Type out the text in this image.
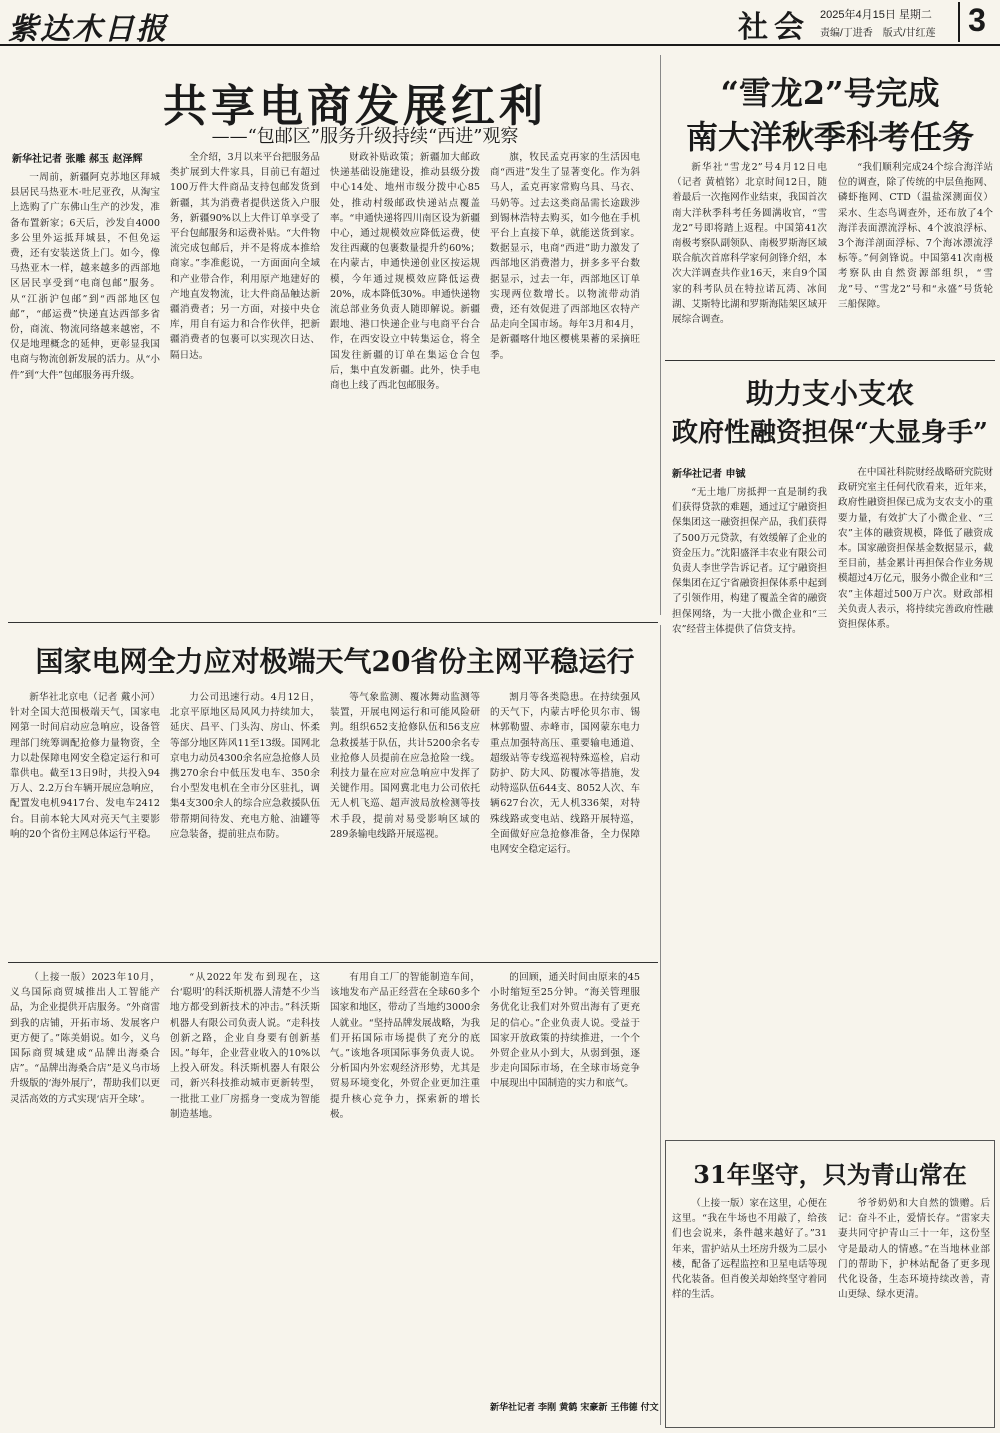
紫达木日报	社会 2025年4月15日 星期二
责编/丁进香　版式/甘红莲	3
共享电商发展红利
——“包邮区”服务升级持续“西进”观察
新华社记者 张雕 郝玉 赵泽辉
一周前，新疆阿克苏地区拜城县居民马热亚木·吐尼亚孜，从淘宝上选购了广东佛山生产的沙发，准备布置新家；6天后，沙发自4000多公里外运抵拜城县，不但免运费，还有安装送货上门。如今，像马热亚木一样，越来越多的西部地区居民享受到“电商包邮”服务。从“江浙沪包邮”到“西部地区包邮”，“邮运费”快递直达西部多省份，商流、物流同络越来越密，不仅是地理概念的延伸，更彰显我国电商与物流创新发展的活力。从“小件”到“大件”包邮服务再升级。
全介绍，3月以来平台把服务品类扩展到大件家具，目前已有超过100万件大件商品支持包邮发货到新疆，其为消费者提供送货入户服务，新疆90%以上大件订单享受了平台包邮服务和运费补贴。“大件物流完成包邮后，并不是将成本推给商家。”李准彪说，一方面面向全域和产业带合作，利用原产地建好的产地直发物流，让大件商品触达新疆消费者；另一方面，对接中央仓库，用自有运力和合作伙伴，把新疆消费者的包裹可以实现次日达、隔日达。
财政补贴政策；新疆加大邮政快递基础设施建设，推动县级分拨中心14处、地州市级分拨中心85处，推动村级邮政快递站点覆盖率。“申通快递将四川南区设为新疆中心，通过规模效应降低运费，使发往西藏的包裹数量提升约60%；在内蒙古，申通快递创业区按运规模，今年通过规模效应降低运费20%，成本降低30%。申通快递物流总部业务负责人随即解说。新疆跟地、港口快递企业与电商平台合作，在西安设立中转集运仓，将全国发往新疆的订单在集运仓合包后，集中直发新疆。此外，快手电商也上线了西北包邮服务。
旗，牧民孟克再家的生活因电商“西进”发生了显著变化。作为斜马人，孟克再家常购乌具、马衣、马奶等。过去这类商品需长途跋涉到锡林浩特去购买，如今他在手机平台上直接下单，就能送货到家。数据显示，电商“西进”助力激发了西部地区消费潜力，拼多多平台数据显示，过去一年，西部地区订单实现两位数增长。以物流带动消费，还有效促进了西部地区农特产品走向全国市场。每年3月和4月，是新疆喀什地区樱桃果蓄的采摘旺季。
“雪龙2”号完成
南大洋秋季科考任务
新华社“雪龙2”号4月12日电（记者 黄植铭）北京时间12日，随着最后一次拖网作业结束，我国首次南大洋秋季科考任务圆满收官，“雪龙2”号即将踏上返程。中国第41次南极考察队副领队、南极罗斯海区域联合航次首席科学家何剑锋介绍，本次大洋调查共作业16天，来自9个国家的科考队员在特拉诺瓦湾、冰间湖、艾斯特比湖和罗斯海陆架区域开展综合调查。
“我们顺利完成24个综合海洋站位的调查，除了传统的中层鱼拖网、磷虾拖网、CTD（温盐深测面仪）采水、生态鸟调查外，还布放了4个海洋表面漂流浮标、4个波浪浮标、3个海洋剖面浮标、7个海冰漂流浮标等。”何剑锋说。中国第41次南极考察队由自然资源部组织，“雪龙”号、“雪龙2”号和“永盛”号货轮三船保障。
助力支小支农
政府性融资担保“大显身手”
新华社记者 申铖
“无土地厂房抵押一直是制约我们获得贷款的难题，通过辽宁融资担保集团这一融资担保产品，我们获得了500万元贷款，有效缓解了企业的资金压力。”沈阳盛泽丰农业有限公司负责人李世学告诉记者。辽宁融资担保集团在辽宁省融资担保体系中起到了引领作用，构建了覆盖全省的融资担保网络，为一大批小微企业和“三农”经营主体提供了信贷支持。
在中国社科院财经战略研究院财政研究室主任何代欣看来，近年来，政府性融资担保已成为支农支小的重要力量，有效扩大了小微企业、“三农”主体的融资规模，降低了融资成本。国家融资担保基金数据显示，截至目前，基金累计再担保合作业务规模超过4万亿元，服务小微企业和“三农”主体超过500万户次。财政部相关负责人表示，将持续完善政府性融资担保体系。
国家电网全力应对极端天气20省份主网平稳运行
新华社北京电（记者 戴小河）针对全国大范围极端天气，国家电网第一时间启动应急响应，设备管理部门统筹调配抢修力量物资，全力以赴保障电网安全稳定运行和可靠供电。截至13日9时，共投入94万人、2.2万台车辆开展应急响应，配置发电机9417台、发电车2412台。目前本轮大风对亮天气主要影响的20个省份主网总体运行平稳。
力公司迅速行动。4月12日，北京平原地区局风风力持续加大，延庆、昌平、门头沟、房山、怀柔等部分地区阵风11至13级。国网北京电力动员4300余名应急抢修人员携270余台中低压发电车、350余台小型发电机在全市分区驻扎，调集4支300余人的综合应急救援队伍带帮期间待发、充电方舱、油罐等应急装备，提前驻点布防。
等气象监测、覆冰舞动监测等装置，开展电网运行和可能风险研判。组织652支抢修队伍和56支应急救援基于队伍，共计5200余名专业抢修人员提前在应急抢险一线。利技力量在应对应急响应中发挥了关键作用。国网冀北电力公司依托无人机飞巡、超声波局放检测等技术手段，提前对易受影响区域的289条输电线路开展巡视。
割月等各类隐患。在持续强风的天气下，内蒙古呼伦贝尔市、锡林郭勒盟、赤峰市，国网蒙东电力重点加强特高压、重要输电通道、超级站等专线巡视特殊巡检，启动防护、防大风、防覆冰等措施，发动特巡队伍644支、8052人次、车辆627台次，无人机336架，对特殊线路或变电站、线路开展特巡，全面做好应急抢修准备，全力保障电网安全稳定运行。
（上接一版）2023年10月，义乌国际商贸城推出人工智能产品，为企业提供开店服务。“外商雷到我的店铺，开拓市场、发展客户更方便了。”陈美娟说。如今，义乌国际商贸城建成“品牌出海桑合店”。“品牌出海桑合店”是义乌市场升级版的‘海外展厅’，帮助我们以更灵活高效的方式实现‘店开全球’。
“从2022年发布到现在，这台‘聪明’的科沃斯机器人清楚不少当地方都受到新技术的冲击。”科沃斯机器人有限公司负责人说。“走科技创新之路，企业自身要有创新基因。”每年，企业营业收入的10%以上投入研发。科沃斯机器人有限公司，新兴科技推动城市更新转型，一批批工业厂房摇身一变成为智能制造基地。
有用自工厂的智能制造车间，该地发布产品正经营在全球60多个国家和地区，带动了当地约3000余人就业。“坚持品牌发展战略，为我们开拓国际市场提供了充分的底气。”该地各项国际事务负责人说。分析国内外宏观经济形势，尤其是贸易环境变化，外贸企业更加注重提升核心竞争力，探索新的增长极。
的回顾，通关时间由原来的45小时缩短至25分钟。“海关管理服务优化让我们对外贸出海有了更充足的信心。”企业负责人说。受益于国家开放政策的持续推进，一个个外贸企业从小到大，从弱到强，逐步走向国际市场，在全球市场竞争中展现出中国制造的实力和底气。
新华社记者 李刚 黄鹤 宋豪新 王伟德 付文
31年坚守，只为青山常在
（上接一版）家在这里，心便在这里。“我在牛场也不用敲了，给孩们也会说来，条件越来越好了。”31年来，雷护站从土坯房升级为二层小楼，配备了远程监控和卫星电话等现代化装备。但肖俊关却始终坚守着同样的生活。
爷爷奶奶和大自然的馈赠。后记：奋斗不止，爱情长存。“雷家夫妻共同守护青山三十一年，这份坚守是最动人的情感。”在当地林业部门的帮助下，护林站配备了更多现代化设备，生态环境持续改善，青山更绿、绿水更清。
